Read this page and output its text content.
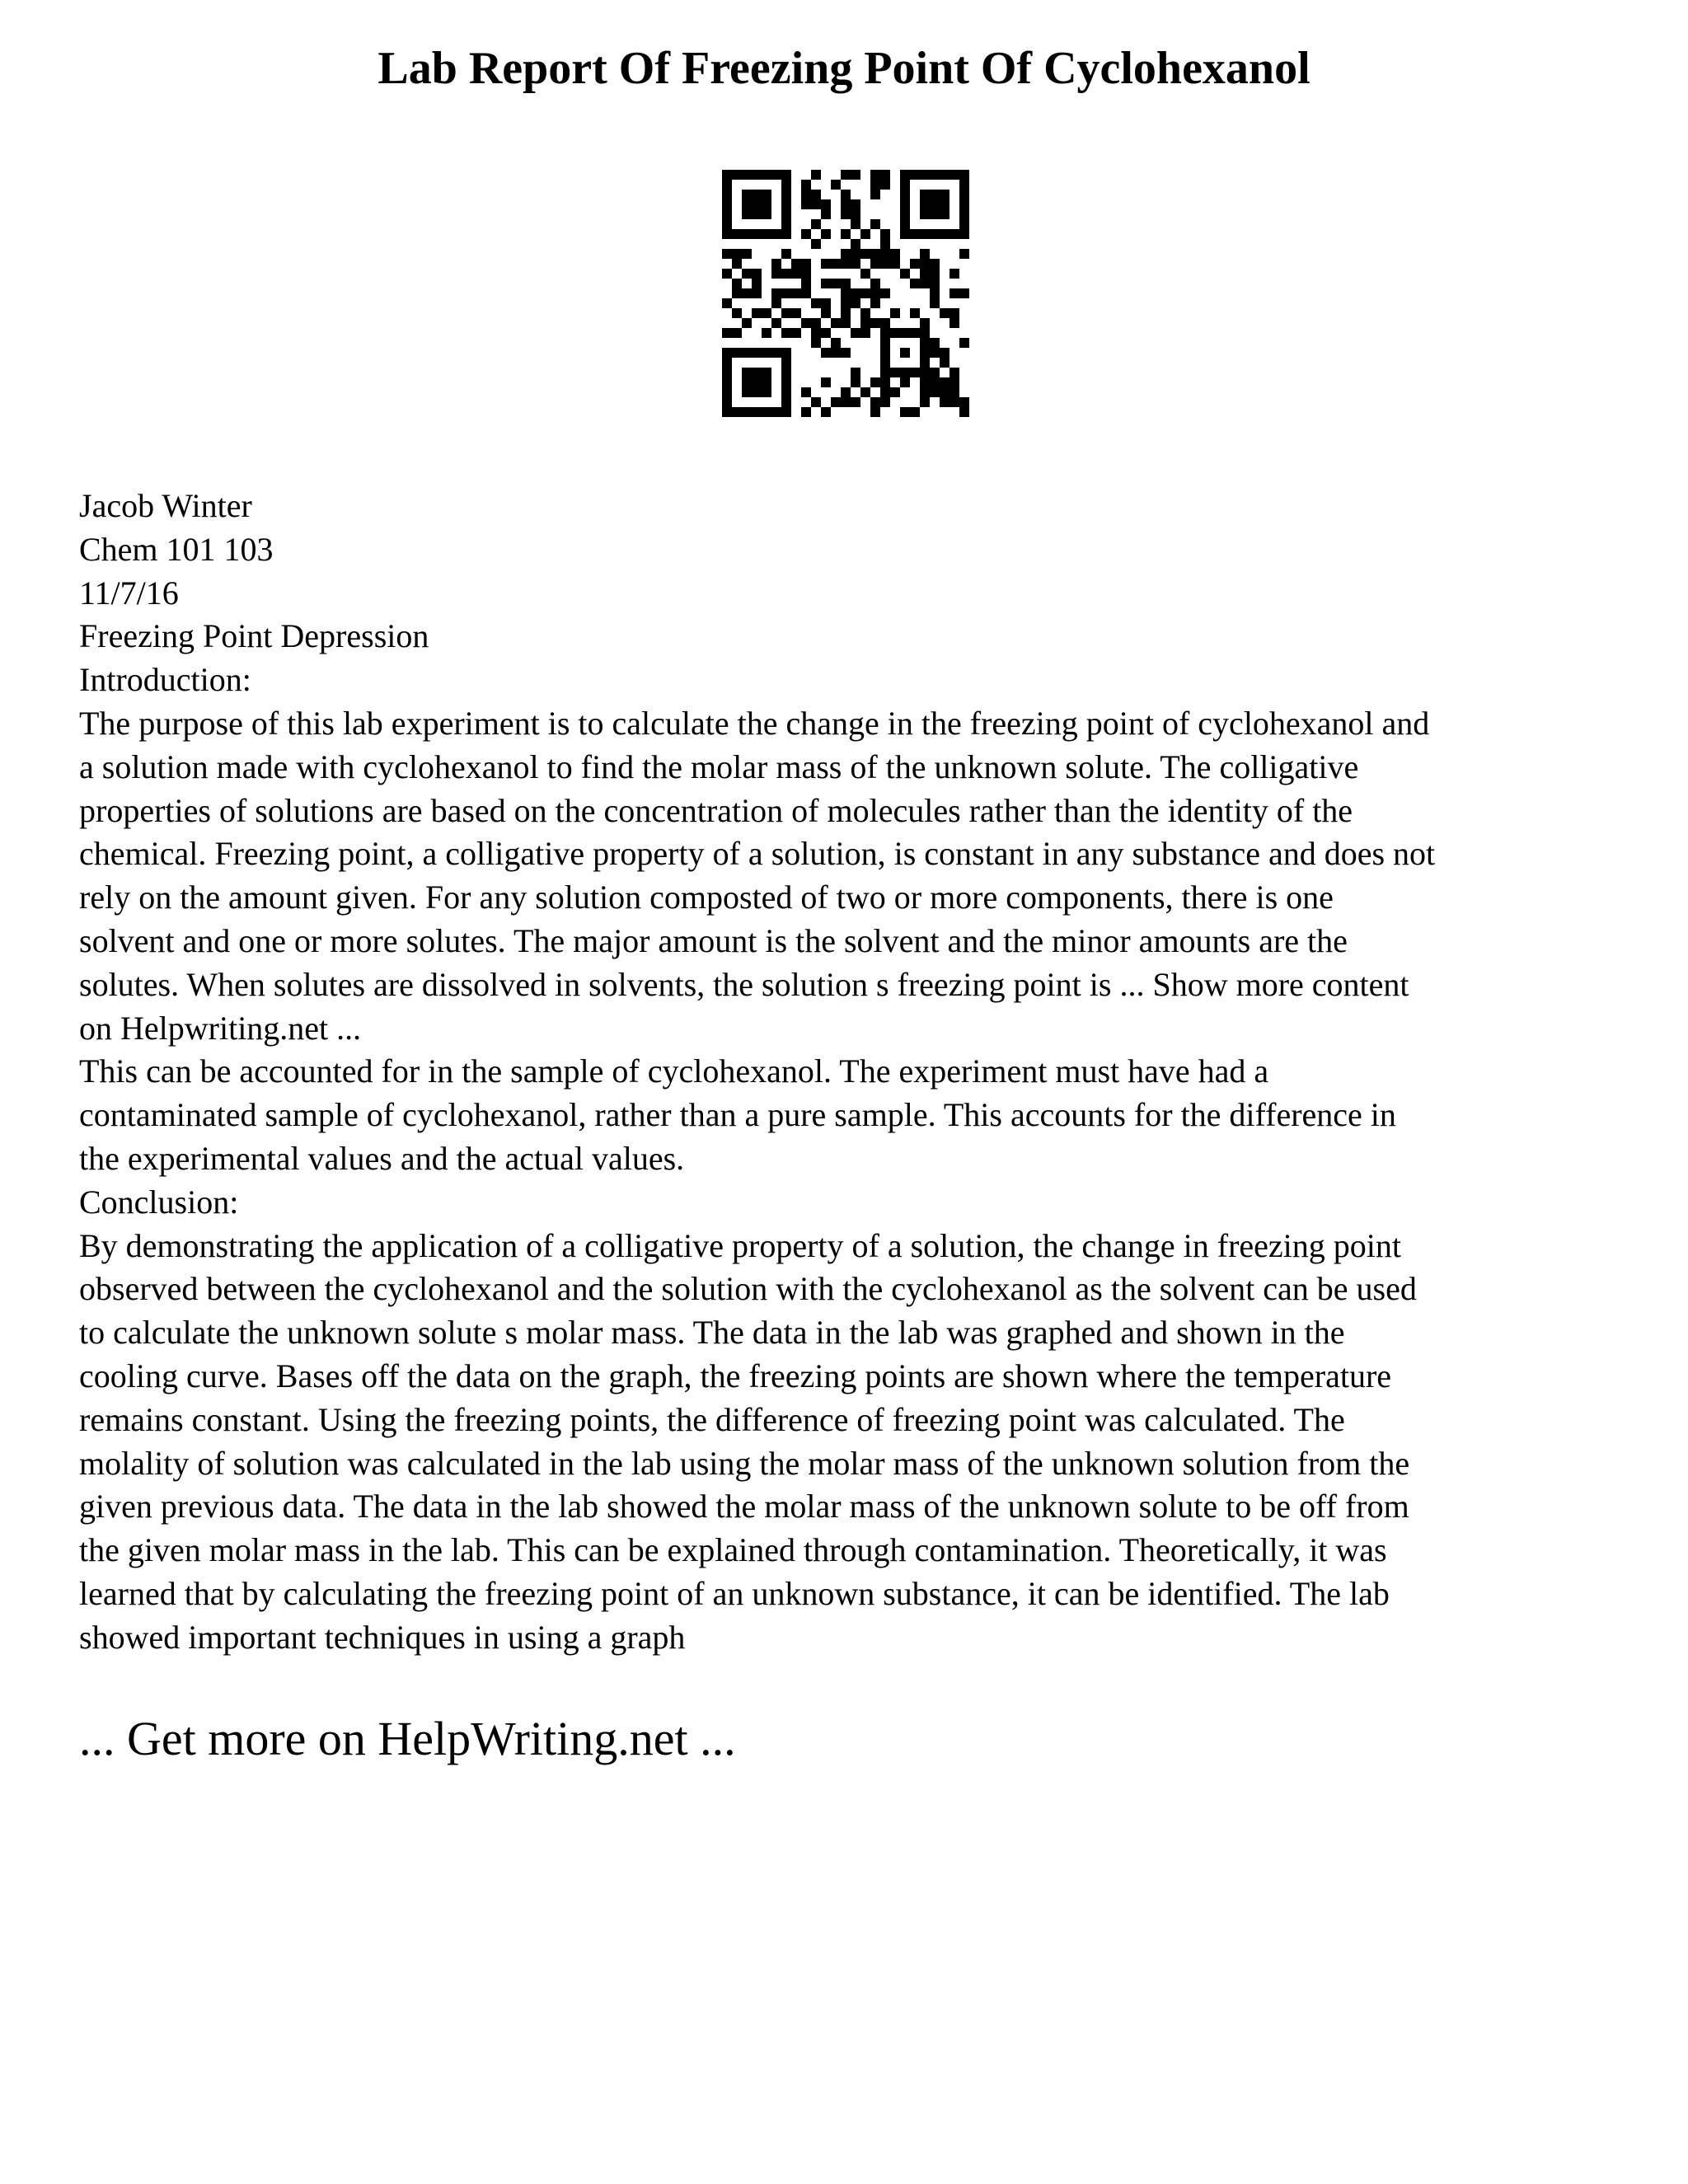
Lab Report Of Freezing Point Of Cyclohexanol
Jacob Winter
Chem 101 103
11/7/16
Freezing Point Depression
Introduction:
The purpose of this lab experiment is to calculate the change in the freezing point of cyclohexanol and
a solution made with cyclohexanol to find the molar mass of the unknown solute. The colligative
properties of solutions are based on the concentration of molecules rather than the identity of the
chemical. Freezing point, a colligative property of a solution, is constant in any substance and does not
rely on the amount given. For any solution composted of two or more components, there is one
solvent and one or more solutes. The major amount is the solvent and the minor amounts are the
solutes. When solutes are dissolved in solvents, the solution s freezing point is ... Show more content
on Helpwriting.net ...
This can be accounted for in the sample of cyclohexanol. The experiment must have had a
contaminated sample of cyclohexanol, rather than a pure sample. This accounts for the difference in
the experimental values and the actual values.
Conclusion:
By demonstrating the application of a colligative property of a solution, the change in freezing point
observed between the cyclohexanol and the solution with the cyclohexanol as the solvent can be used
to calculate the unknown solute s molar mass. The data in the lab was graphed and shown in the
cooling curve. Bases off the data on the graph, the freezing points are shown where the temperature
remains constant. Using the freezing points, the difference of freezing point was calculated. The
molality of solution was calculated in the lab using the molar mass of the unknown solution from the
given previous data. The data in the lab showed the molar mass of the unknown solute to be off from
the given molar mass in the lab. This can be explained through contamination. Theoretically, it was
learned that by calculating the freezing point of an unknown substance, it can be identified. The lab
showed important techniques in using a graph
... Get more on HelpWriting.net ...
